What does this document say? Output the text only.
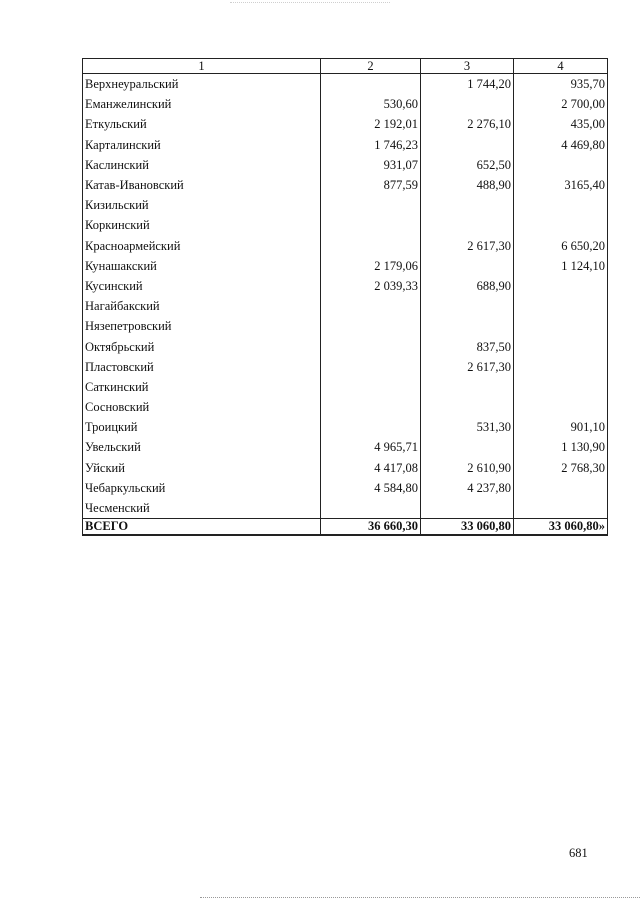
1	2	3	4
Верхнеуральский		1 744,20	935,70
Еманжелинский	530,60		2 700,00
Еткульский	2 192,01	2 276,10	435,00
Карталинский	1 746,23		4 469,80
Каслинский	931,07	652,50	
Катав-Ивановский	877,59	488,90	3165,40
Кизильский			
Коркинский			
Красноармейский		2 617,30	6 650,20
Кунашакский	2 179,06		1 124,10
Кусинский	2 039,33	688,90	
Нагайбакский			
Нязепетровский			
Октябрьский		837,50	
Пластовский		2 617,30	
Саткинский			
Сосновский			
Троицкий		531,30	901,10
Увельский	4 965,71		1 130,90
Уйский	4 417,08	2 610,90	2 768,30
Чебаркульский	4 584,80	4 237,80	
Чесменский			
ВСЕГО	36 660,30	33 060,80	33 060,80»
681
